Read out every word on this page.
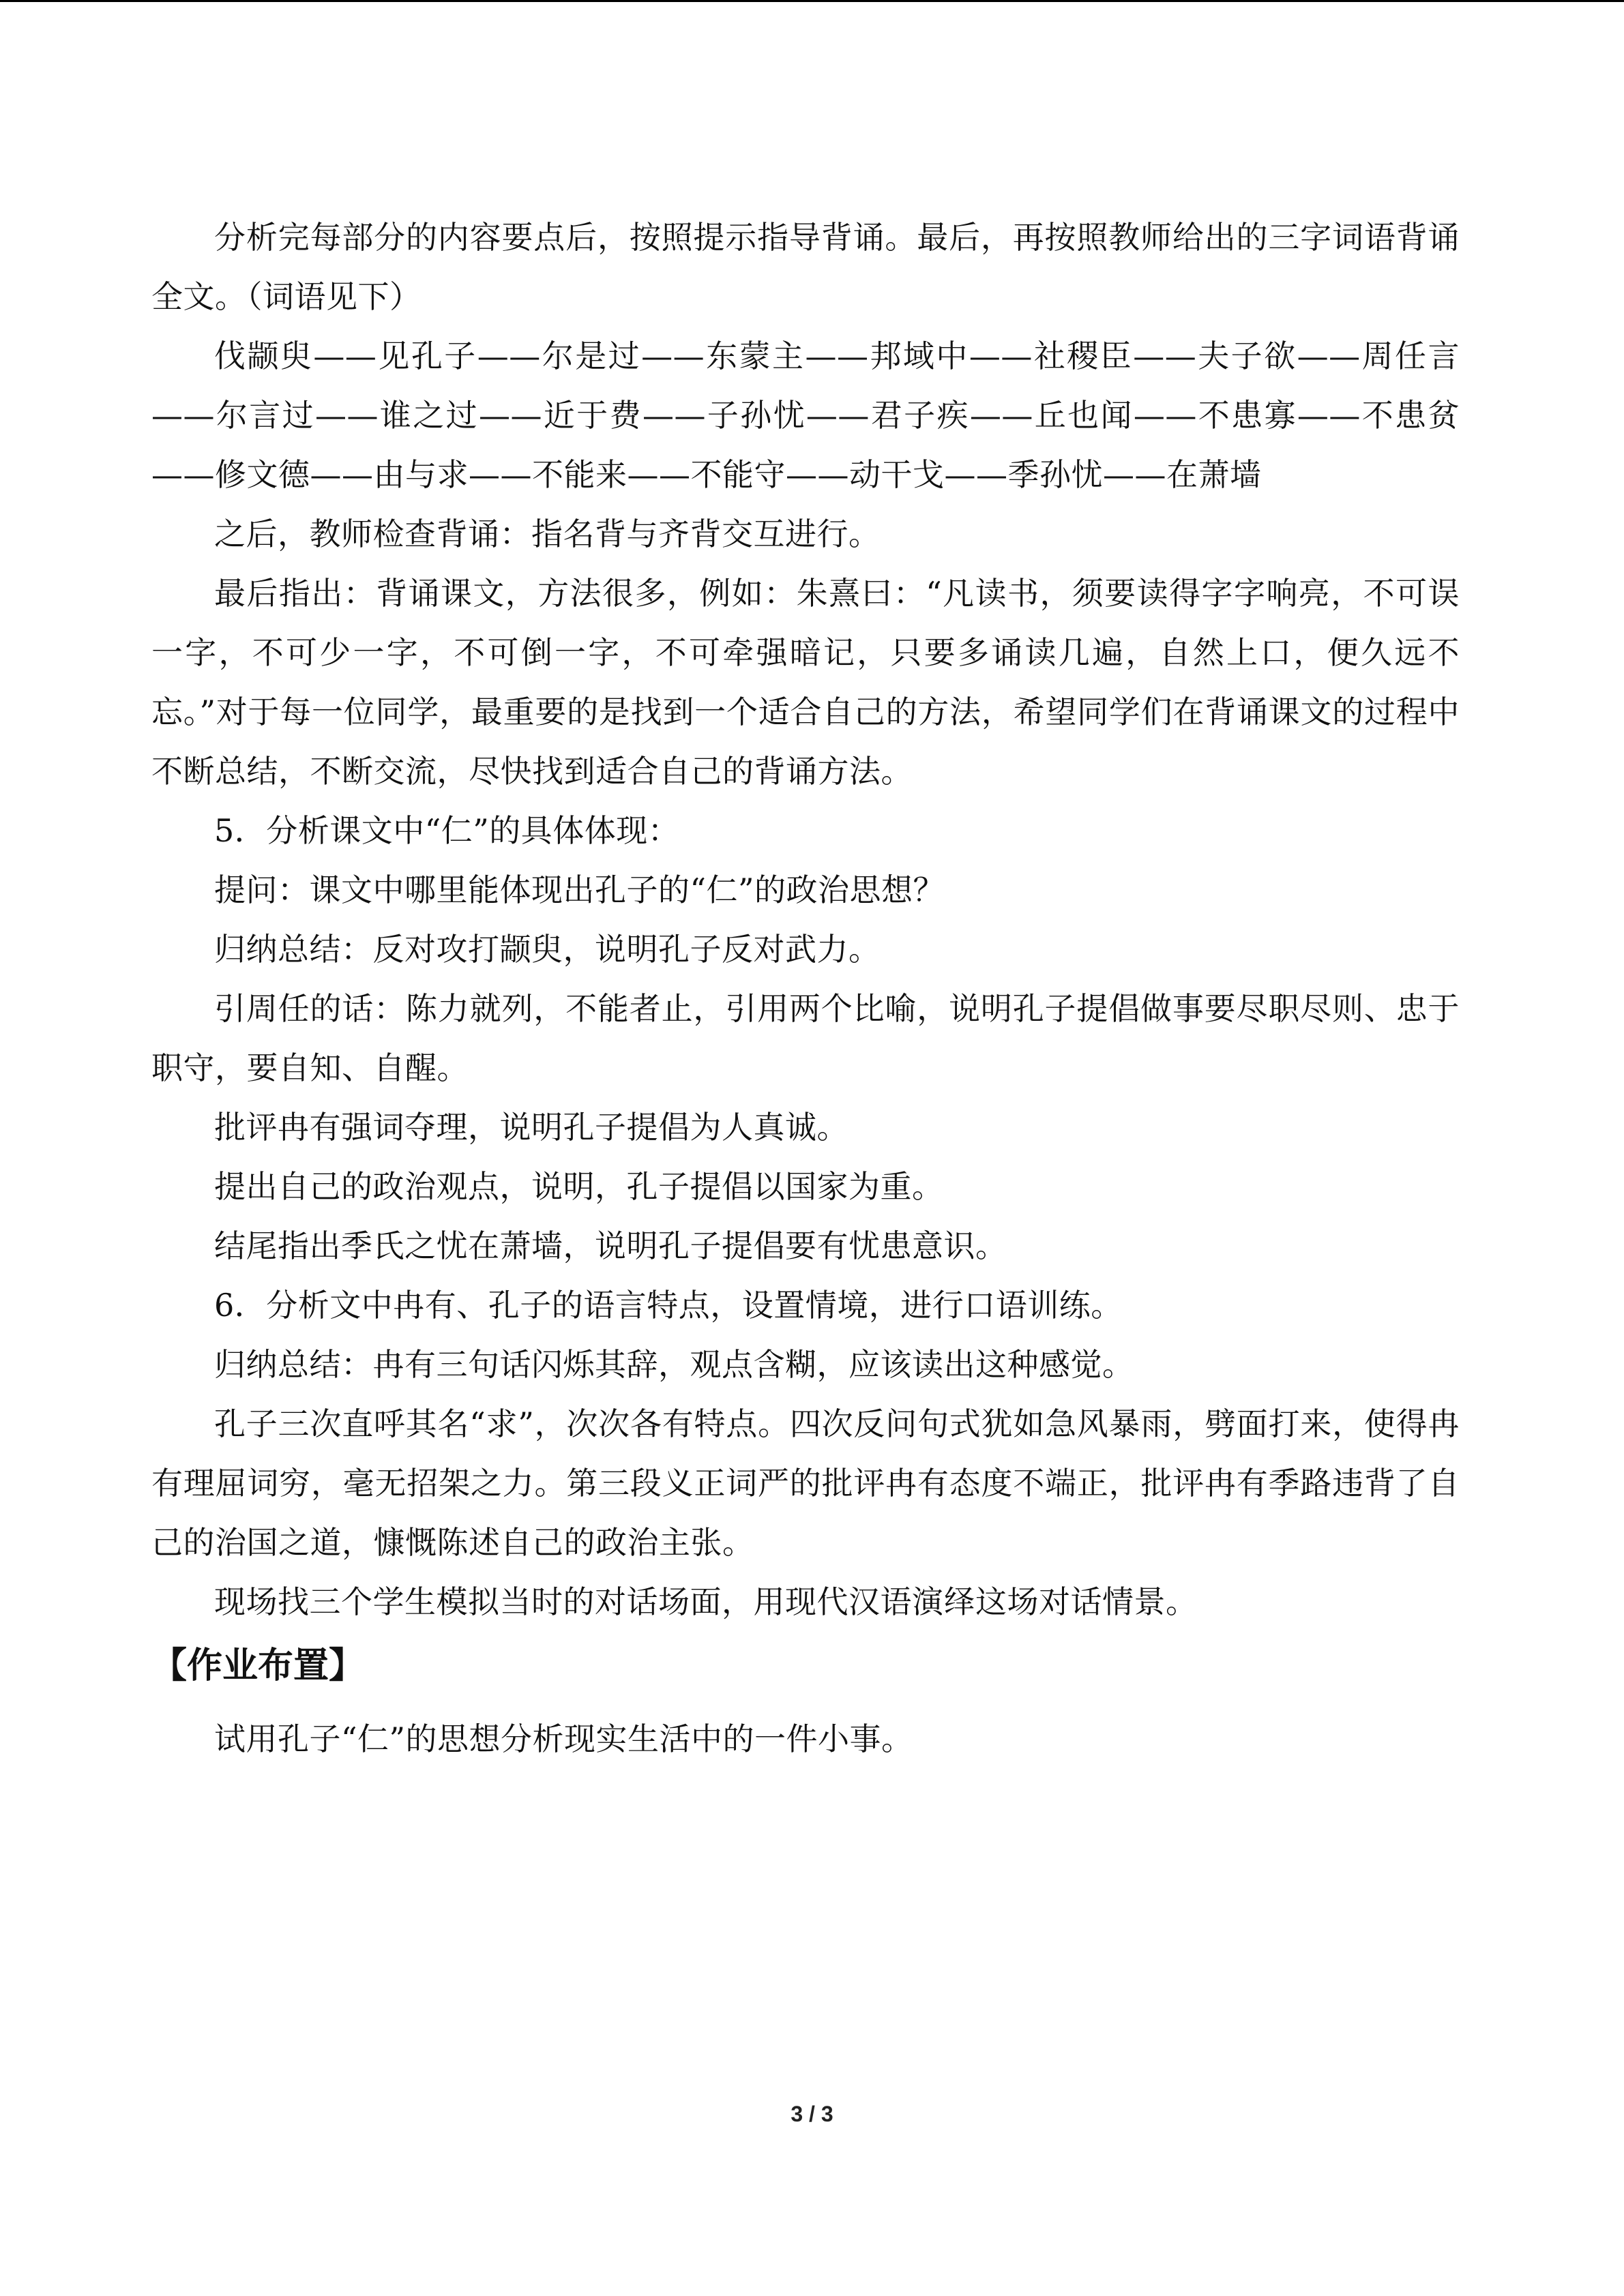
分析完每部分的内容要点后，按照提示指导背诵。最后，再按照教师给出的三字词语背诵全文。（词语见下）

伐颛臾——见孔子——尔是过——东蒙主——邦域中——社稷臣——夫子欲——周任言——尔言过——谁之过——近于费——子孙忧——君子疾——丘也闻——不患寡——不患贫——修文德——由与求——不能来——不能守——动干戈——季孙忧——在萧墙

之后，教师检查背诵：指名背与齐背交互进行。

最后指出：背诵课文，方法很多，例如：朱熹曰：“凡读书，须要读得字字响亮，不可误一字，不可少一字，不可倒一字，不可牵强暗记，只要多诵读几遍，自然上口，便久远不忘。”对于每一位同学，最重要的是找到一个适合自己的方法，希望同学们在背诵课文的过程中不断总结，不断交流，尽快找到适合自己的背诵方法。

5．分析课文中“仁”的具体体现：

提问：课文中哪里能体现出孔子的“仁”的政治思想？

归纳总结：反对攻打颛臾，说明孔子反对武力。

引周任的话：陈力就列，不能者止，引用两个比喻，说明孔子提倡做事要尽职尽则、忠于职守，要自知、自醒。

批评冉有强词夺理，说明孔子提倡为人真诚。

提出自己的政治观点，说明，孔子提倡以国家为重。

结尾指出季氏之忧在萧墙，说明孔子提倡要有忧患意识。

6．分析文中冉有、孔子的语言特点，设置情境，进行口语训练。

归纳总结：冉有三句话闪烁其辞，观点含糊，应该读出这种感觉。

孔子三次直呼其名“求”，次次各有特点。四次反问句式犹如急风暴雨，劈面打来，使得冉有理屈词穷，毫无招架之力。第三段义正词严的批评冉有态度不端正，批评冉有季路违背了自己的治国之道，慷慨陈述自己的政治主张。

现场找三个学生模拟当时的对话场面，用现代汉语演绎这场对话情景。

【作业布置】

试用孔子“仁”的思想分析现实生活中的一件小事。

3 / 3
